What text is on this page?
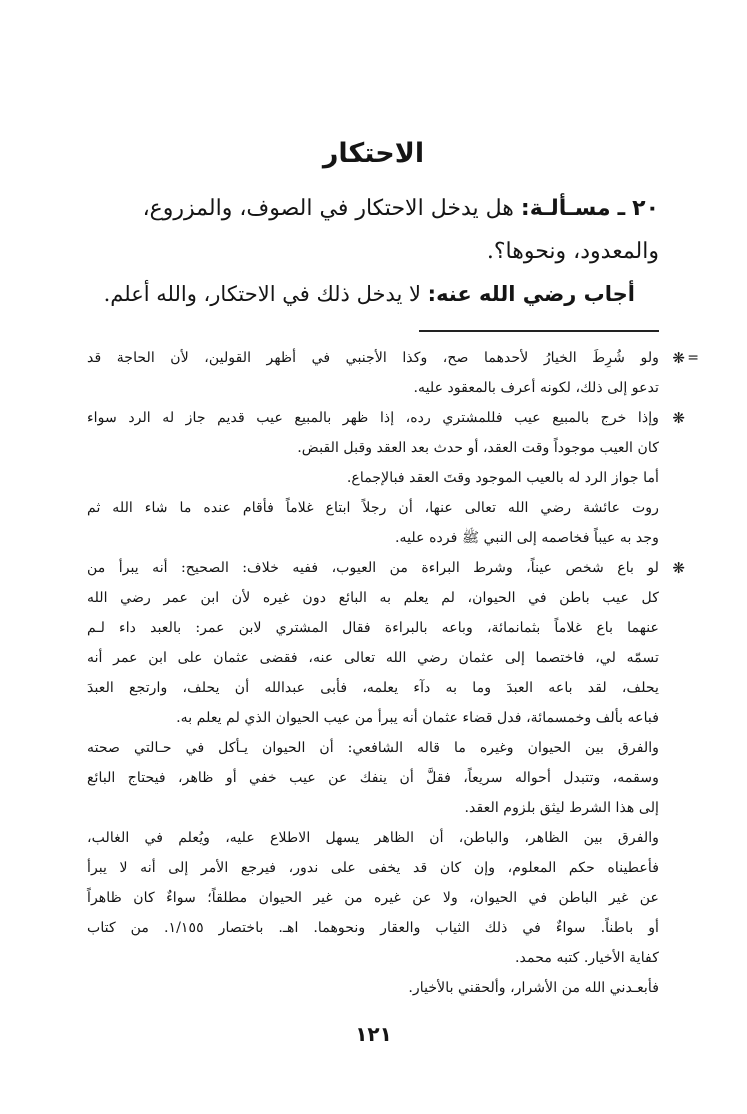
الاحتكار
٢٠ ـ مسـألـة: هل يدخل الاحتكار في الصوف، والمزروع،
والمعدود، ونحوها؟.
أجاب رضي الله عنه: لا يدخل ذلك في الاحتكار، والله أعلم.
❋ =
ولو شُرِطَ الخيارُ لأحدهما صح، وكذا الأجنبي في أظهر القولين، لأن الحاجة قد
تدعو إلى ذلك، لكونه أعرف بالمعقود عليه.
❋
وإذا خرج بالمبيع عيب فللمشتري رده، إذا ظهر بالمبيع عيب قديم جاز له الرد سواء
كان العيب موجوداً وقت العقد، أو حدث بعد العقد وقبل القبض.
أما جواز الرد له بالعيب الموجود وقتَ العقد فبالإجماع.
روت عائشة رضي الله تعالى عنها، أن رجلاً ابتاع غلاماً فأقام عنده ما شاء الله ثم
وجد به عيباً فخاصمه إلى النبي ﷺ فرده عليه.
❋
لو باع شخص عيناً، وشرط البراءة من العيوب، ففيه خلاف: الصحيح: أنه يبرأ من
كل عيب باطن في الحيوان، لم يعلم به البائع دون غيره لأن ابن عمر رضي الله
عنهما باع غلاماً بثمانمائة، وباعه بالبراءة فقال المشتري لابن عمر: بالعبد داء لـم
تسمّه لي، فاختصما إلى عثمان رضي الله تعالى عنه، فقضى عثمان على ابن عمر أنه
يحلف، لقد باعه العبدَ وما به دآء يعلمه، فأبى عبدالله أن يحلف، وارتجع العبدَ
فباعه بألف وخمسمائة، فدل قضاء عثمان أنه يبرأ من عيب الحيوان الذي لم يعلم به.
والفرق بين الحيوان وغيره ما قاله الشافعي: أن الحيوان يـأكل في حـالتي صحته
وسقمه، وتتبدل أحواله سريعاً، فقلَّ أن ينفك عن عيب خفي أو ظاهر، فيحتاج البائع
إلى هذا الشرط ليثق بلزوم العقد.
والفرق بين الظاهر، والباطن، أن الظاهر يسهل الاطلاع عليه، ويُعلم في الغالب،
فأعطيناه حكم المعلوم، وإن كان قد يخفى على ندور، فيرجع الأمر إلى أنه لا يبرأ
عن غير الباطن في الحيوان، ولا عن غيره من غير الحيوان مطلقاً؛ سواءٌ كان ظاهراً
أو باطناً. سواءٌ في ذلك الثياب والعقار ونحوهما. اهـ. باختصار ١/١٥٥. من كتاب
كفاية الأخيار. كتبه محمد.
فأبعـدني الله من الأشرار، وألحقني بالأخيار.
١٢١
